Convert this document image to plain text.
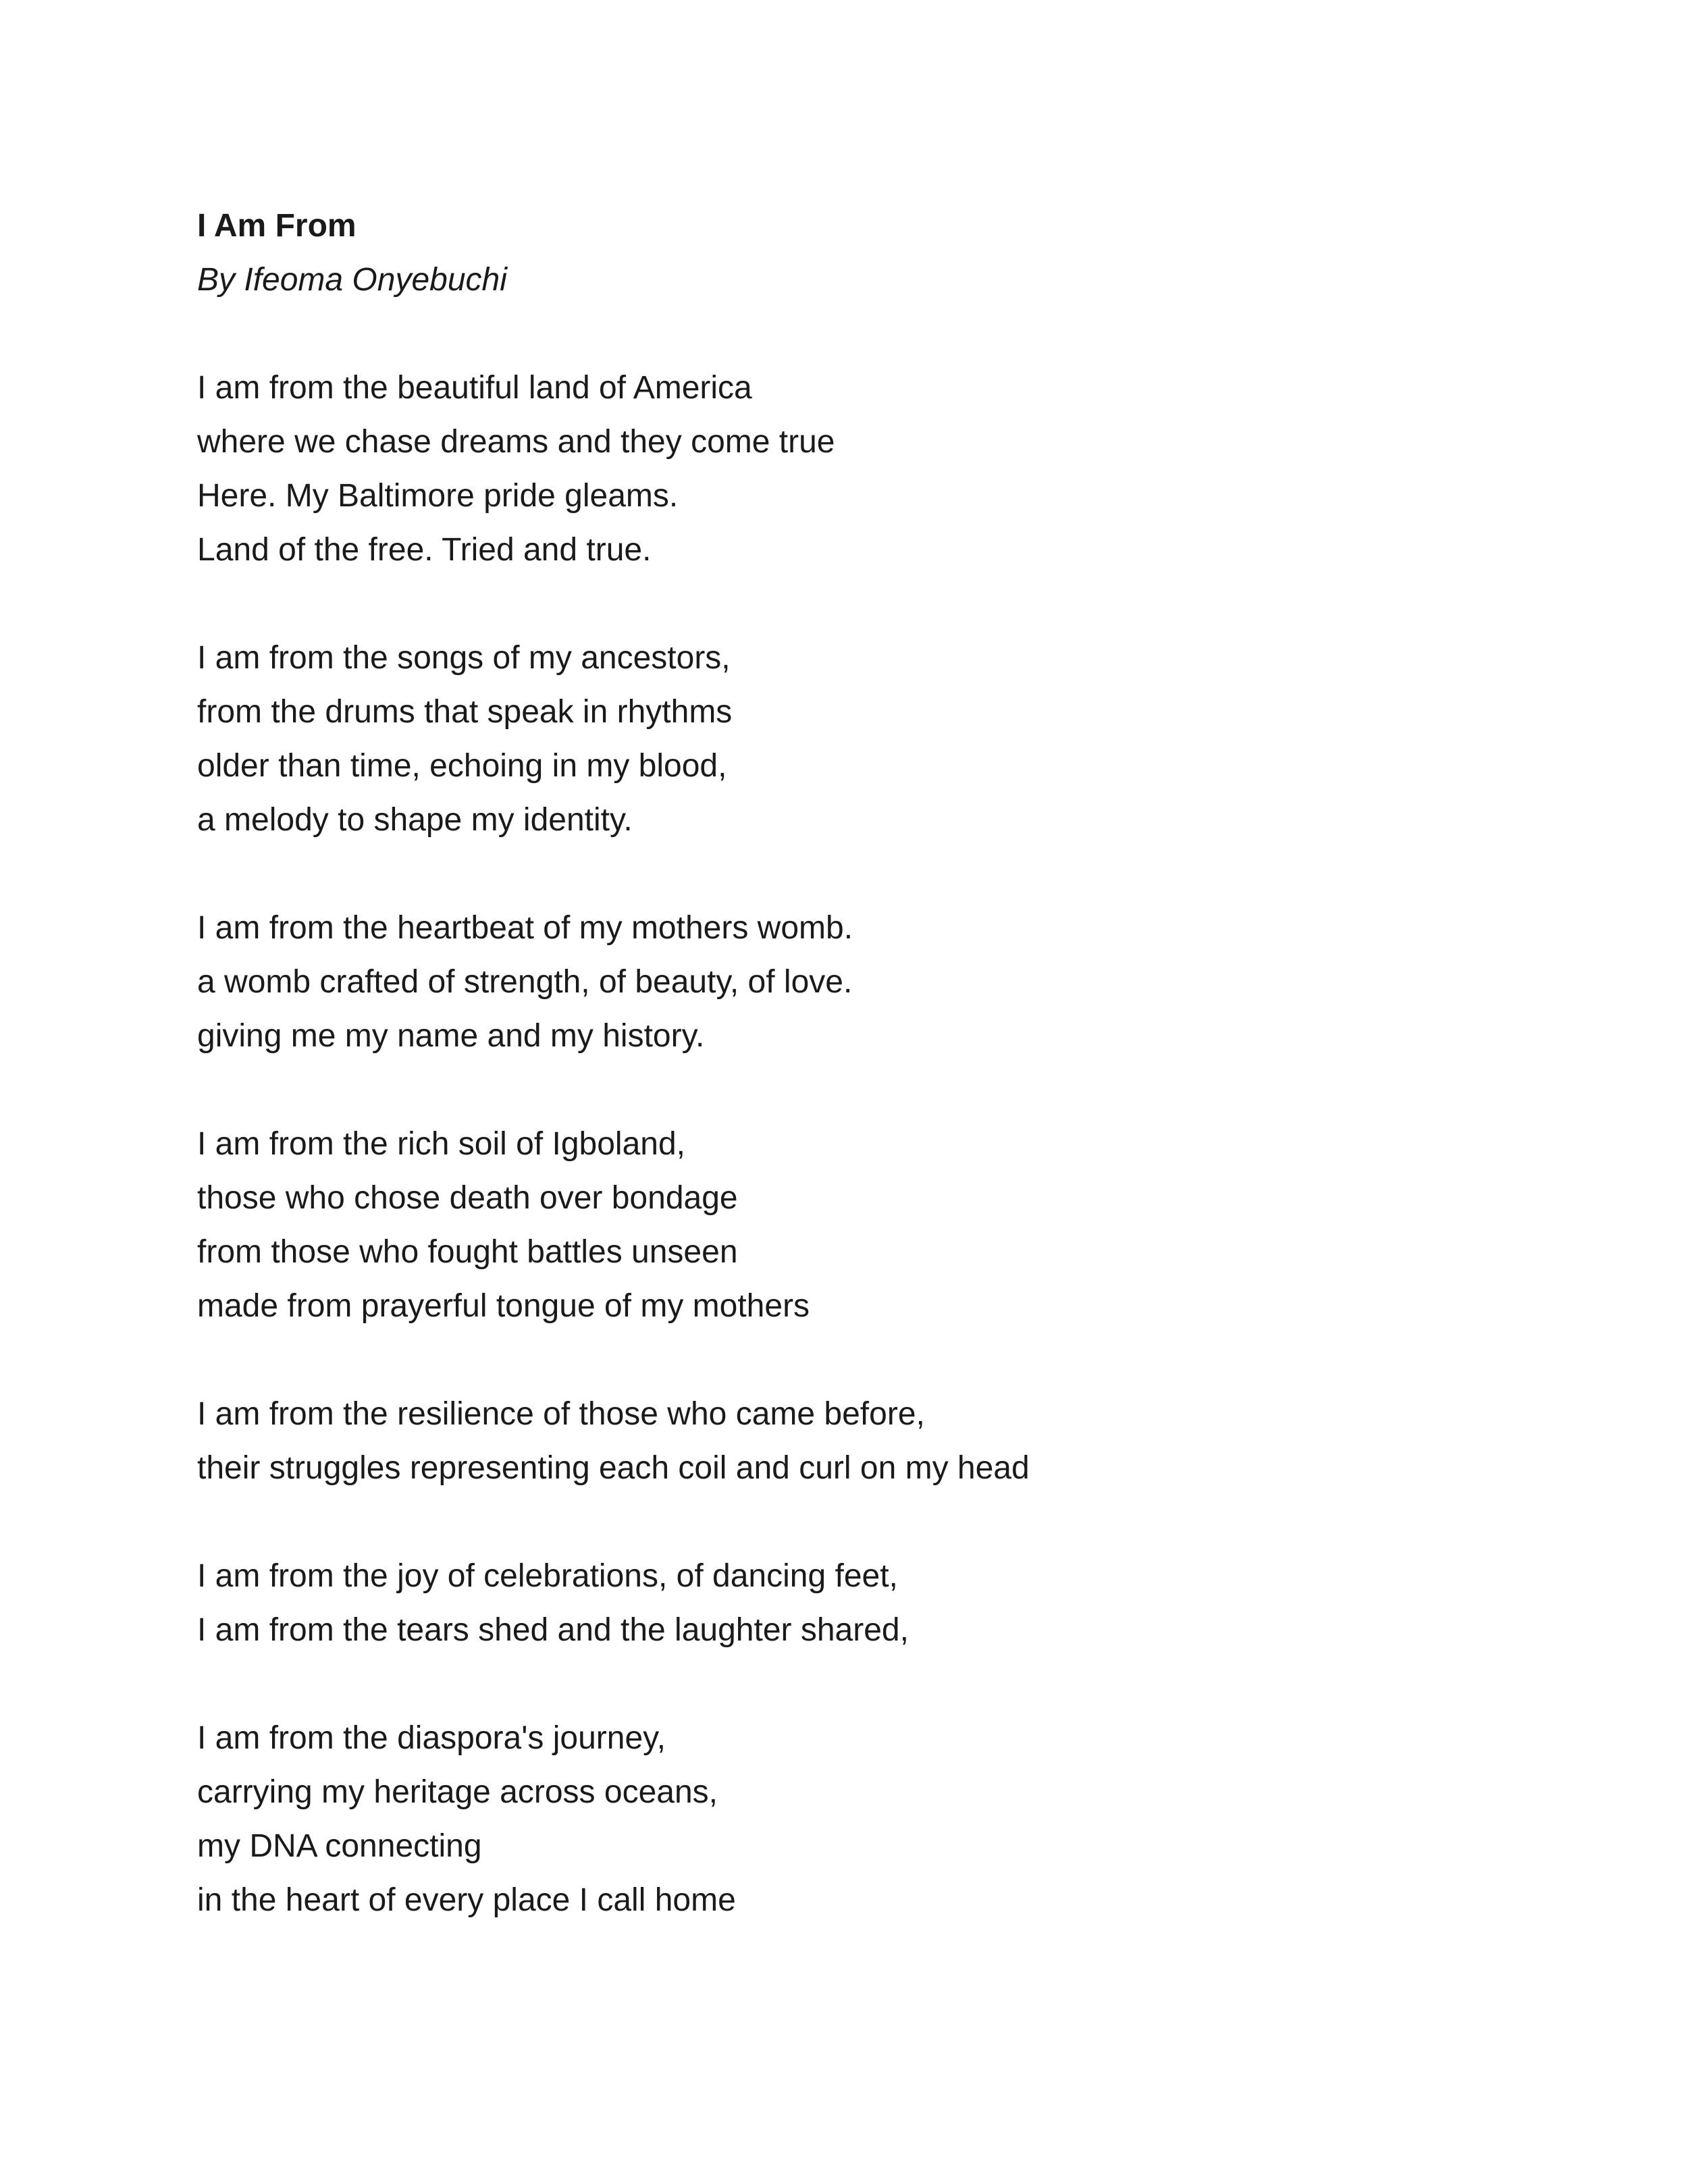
I Am From
By Ifeoma Onyebuchi
I am from the beautiful land of America
where we chase dreams and they come true
Here. My Baltimore pride gleams.
Land of the free. Tried and true.
I am from the songs of my ancestors,
from the drums that speak in rhythms
older than time, echoing in my blood,
a melody to shape my identity.
I am from the heartbeat of my mothers womb.
a womb crafted of strength, of beauty, of love.
giving me my name and my history.
I am from the rich soil of Igboland,
those who chose death over bondage
from those who fought battles unseen
made from prayerful tongue of my mothers
I am from the resilience of those who came before,
their struggles representing each coil and curl on my head
I am from the joy of celebrations, of dancing feet,
I am from the tears shed and the laughter shared,
I am from the diaspora's journey,
carrying my heritage across oceans,
my DNA connecting
in the heart of every place I call home
